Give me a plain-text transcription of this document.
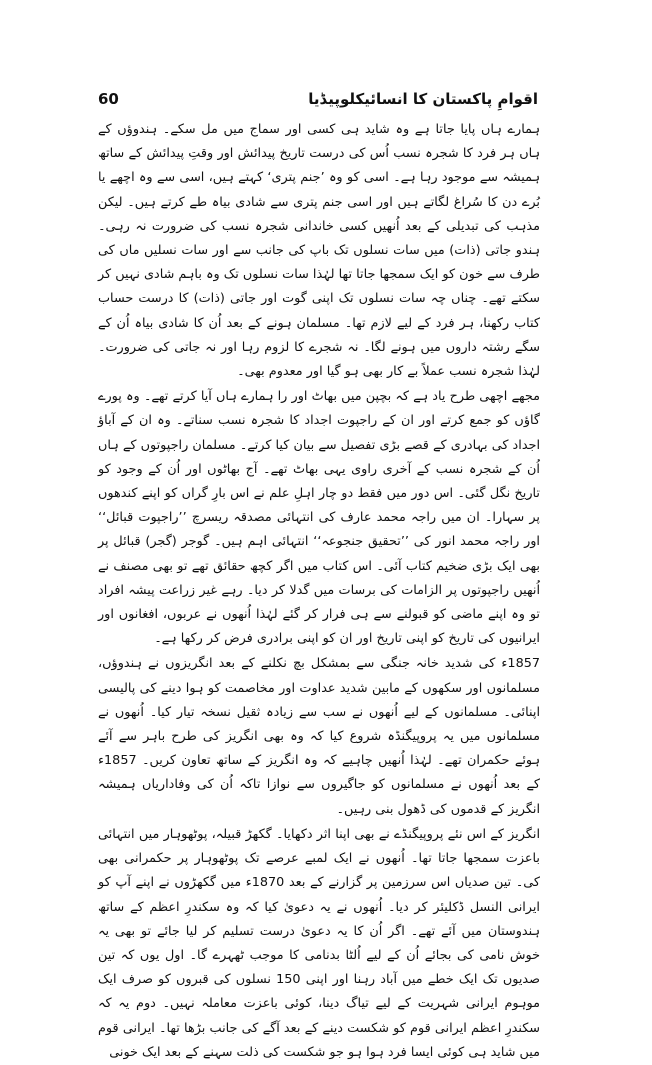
60	اقوامِ پاکستان کا انسائیکلوپیڈیا

ہمارے ہاں پایا جاتا ہے وہ شاید ہی کسی اور سماج میں مل سکے۔ ہندوؤں کے ہاں ہر فرد کا شجرہ نسب اُس کی درست تاریخ پیدائش اور وقتِ پیدائش کے ساتھ ہمیشہ سے موجود رہا ہے۔ اسی کو وہ ’جنم پتری‘ کہتے ہیں، اسی سے وہ اچھے یا بُرے دن کا سُراغ لگاتے ہیں اور اسی جنم پتری سے شادی بیاہ طے کرتے ہیں۔ لیکن مذہب کی تبدیلی کے بعد اُنھیں کسی خاندانی شجرہ نسب کی ضرورت نہ رہی۔ ہندو جاتی (ذات) میں سات نسلوں تک باپ کی جانب سے اور سات نسلیں ماں کی طرف سے خون کو ایک سمجھا جاتا تھا لہٰذا سات نسلوں تک وہ باہم شادی نہیں کر سکتے تھے۔ چناں چہ سات نسلوں تک اپنی گوت اور جاتی (ذات) کا درست حساب کتاب رکھنا، ہر فرد کے لیے لازم تھا۔ مسلمان ہونے کے بعد اُن کا شادی بیاہ اُن کے سگے رشتہ داروں میں ہونے لگا۔ نہ شجرے کا لزوم رہا اور نہ جاتی کی ضرورت۔ لہٰذا شجرہ نسب عملاً بے کار بھی ہو گیا اور معدوم بھی۔

مجھے اچھی طرح یاد ہے کہ بچپن میں بھاٹ اور را ہمارے ہاں آیا کرتے تھے۔ وہ پورے گاؤں کو جمع کرتے اور ان کے راجپوت اجداد کا شجرہ نسب سناتے۔ وہ ان کے آباؤ اجداد کی بہادری کے قصے بڑی تفصیل سے بیان کیا کرتے۔ مسلمان راجپوتوں کے ہاں اُن کے شجرہ نسب کے آخری راوی یہی بھاٹ تھے۔ آج بھاٹوں اور اُن کے وجود کو تاریخ نگل گئی۔ اس دور میں فقط دو چار اہلِ علم نے اس بارِ گراں کو اپنے کندھوں پر سہارا۔ ان میں راجہ محمد عارف کی انتہائی مصدقہ ریسرچ ’’راجپوت قبائل‘‘ اور راجہ محمد انور کی ’’تحقیق جنجوعہ‘‘ انتہائی اہم ہیں۔ گوجر (گجر) قبائل پر بھی ایک بڑی ضخیم کتاب آئی۔ اس کتاب میں اگر کچھ حقائق تھے تو بھی مصنف نے اُنھیں راجپوتوں پر الزامات کی برسات میں گدلا کر دیا۔ رہے غیر زراعت پیشہ افراد تو وہ اپنے ماضی کو قبولنے سے ہی فرار کر گئے لہٰذا اُنھوں نے عربوں، افغانوں اور ایرانیوں کی تاریخ کو اپنی تاریخ اور ان کو اپنی برادری فرض کر رکھا ہے۔

1857ء کی شدید خانہ جنگی سے بمشکل بچ نکلنے کے بعد انگریزوں نے ہندوؤں، مسلمانوں اور سکھوں کے مابین شدید عداوت اور مخاصمت کو ہوا دینے کی پالیسی اپنائی۔ مسلمانوں کے لیے اُنھوں نے سب سے زیادہ ثقیل نسخہ تیار کیا۔ اُنھوں نے مسلمانوں میں یہ پروپیگنڈہ شروع کیا کہ وہ بھی انگریز کی طرح باہر سے آئے ہوئے حکمران تھے۔ لہٰذا اُنھیں چاہیے کہ وہ انگریز کے ساتھ تعاون کریں۔ 1857ء کے بعد اُنھوں نے مسلمانوں کو جاگیروں سے نوازا تاکہ اُن کی وفاداریاں ہمیشہ انگریز کے قدموں کی ڈھول بنی رہیں۔

انگریز کے اس نئے پروپیگنڈے نے بھی اپنا اثر دکھایا۔ گکھڑ قبیلہ، پوٹھوہار میں انتہائی باعزت سمجھا جاتا تھا۔ اُنھوں نے ایک لمبے عرصے تک پوٹھوہار پر حکمرانی بھی کی۔ تین صدیاں اس سرزمین پر گزارنے کے بعد 1870ء میں گکھڑوں نے اپنے آپ کو ایرانی النسل ڈکلیئر کر دیا۔ اُنھوں نے یہ دعویٰ کیا کہ وہ سکندرِ اعظم کے ساتھ ہندوستان میں آئے تھے۔ اگر اُن کا یہ دعویٰ درست تسلیم کر لیا جائے تو بھی یہ خوش نامی کی بجائے اُن کے لیے اُلٹا بدنامی کا موجب ٹھہرے گا۔ اول یوں کہ تین صدیوں تک ایک خطے میں آباد رہنا اور اپنی 150 نسلوں کی قبروں کو صرف ایک موہوم ایرانی شہریت کے لیے تیاگ دینا، کوئی باعزت معاملہ نہیں۔ دوم یہ کہ سکندرِ اعظم ایرانی قوم کو شکست دینے کے بعد آگے کی جانب بڑھا تھا۔ ایرانی قوم میں شاید ہی کوئی ایسا فرد ہوا ہو جو شکست کی ذلت سہنے کے بعد ایک خونی
